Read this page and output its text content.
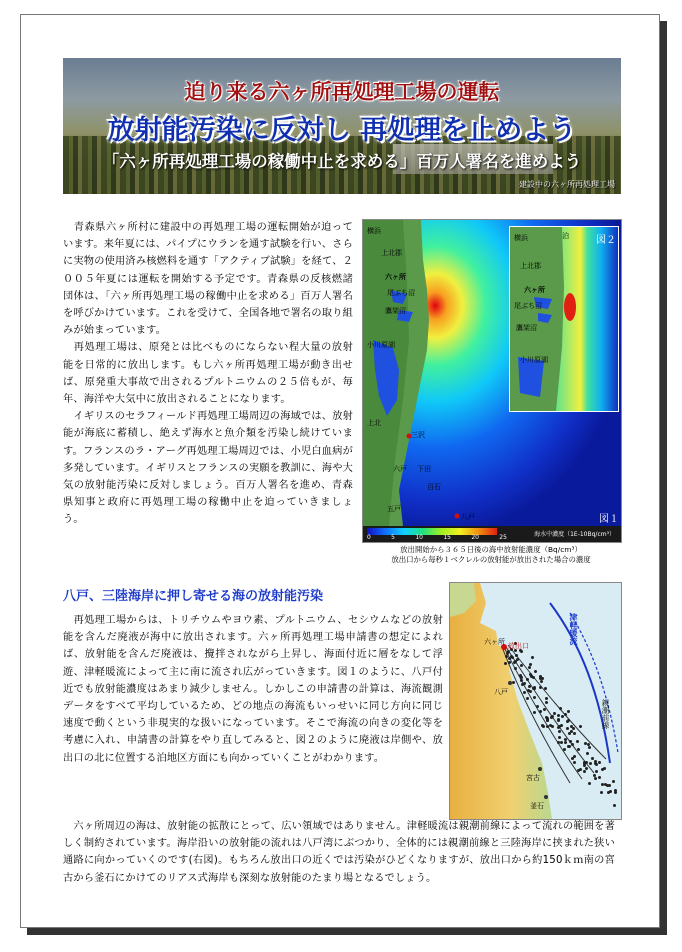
迫り来る六ヶ所再処理工場の運転
放射能汚染に反対し 再処理を止めよう
「六ヶ所再処理工場の稼働中止を求める」百万人署名を進めよう
建設中の六ヶ所再処理工場
　青森県六ヶ所村に建設中の再処理工場の運転開始が迫っています。来年夏には、パイプにウランを通す試験を行い、さらに実物の使用済み核燃料を通す「アクティブ試験」を経て、２００５年夏には運転を開始する予定です。青森県の反核燃諸団体は、「六ヶ所再処理工場の稼働中止を求める」百万人署名を呼びかけています。これを受けて、全国各地で署名の取り組みが始まっています。
　再処理工場は、原発とは比べものにならない程大量の放射能を日常的に放出します。もし六ヶ所再処理工場が動き出せば、原発重大事故で出されるプルトニウムの２５倍もが、毎年、海洋や大気中に放出されることになります。
　イギリスのセラフィールド再処理工場周辺の海域では、放射能が海底に蓄積し、絶えず海水と魚介類を汚染し続けています。フランスのラ・アーグ再処理工場周辺では、小児白血病が多発しています。イギリスとフランスの実願を教訓に、海や大気の放射能汚染に反対しましょう。百万人署名を進め、青森県知事と政府に再処理工場の稼働中止を迫っていきましょう。
横浜
上北郡
六ヶ所
尾ぶち沼
鷹架沼
小川原湖
上北
三沢
六戸 下田
百石
五戸
八戸	図１
横浜	泊
上北郡
六ヶ所
尾ぶち沼
鷹架沼
小川原湖
図２
0	5	10	15	20	25	海水中濃度（1E-10Bq/cm³）
放出開始から３６５日後の海中放射能濃度（Bq/cm³）
放出口から毎秒１ベクレルの放射能が放出された場合の濃度
八戸、三陸海岸に押し寄せる海の放射能汚染
　再処理工場からは、トリチウムやヨウ素、プルトニウム、セシウムなどの放射能を含んだ廃液が海中に放出されます。六ヶ所再処理工場申請書の想定によれば、放射能を含んだ廃液は、攪拌されながら上昇し、海面付近に層をなして浮遊、津軽暖流によって主に南に流され広がっていきます。図１のように、八戸付近でも放射能濃度はあまり減少しません。しかしこの申請書の計算は、海流観測データをすべて平均しているため、どの地点の海流もいっせいに同じ方向に同じ速度で動くという非現実的な扱いになっています。そこで海流の向きの変化等を考慮に入れ、申請書の計算をやり直してみると、図２のように廃液は岸側や、放出口の北に位置する泊地区方面にも向かっていくことがわかります。
　六ヶ所周辺の海は、放射能の拡散にとって、広い領域ではありません。津軽暖流は親潮前線によって流れの範囲を著しく制約されています。海岸沿いの放射能の流れは八戸湾にぶつかり、全体的には親潮前線と三陸海岸に挟まれた狭い通路に向かっていくのです(右図)。もちろん放出口の近くでは汚染がひどくなりますが、放出口から約150ｋｍ南の宮古から釜石にかけてのリアス式海岸も深刻な放射能のたまり場となるでしょう。
津軽暖流
六ヶ所 放出口
八戸
親潮前線
宮古
釜石
